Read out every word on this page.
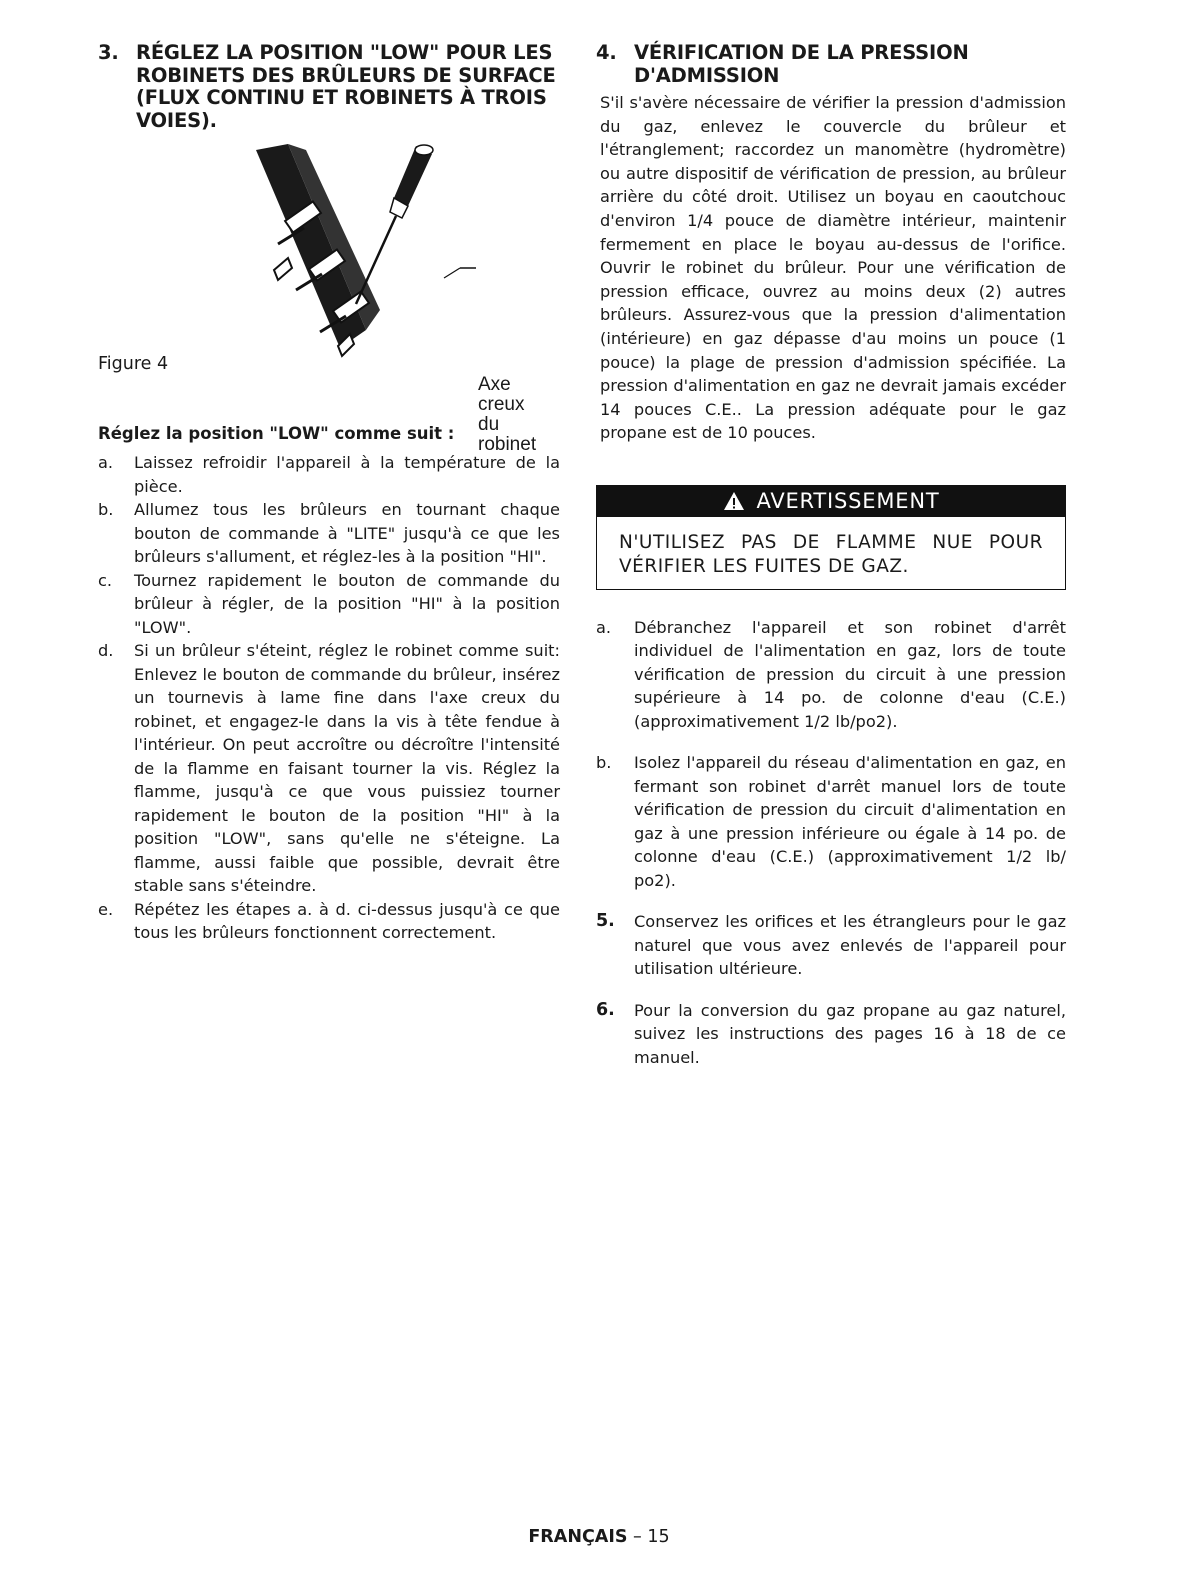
3. RÉGLEZ LA POSITION "LOW" POUR LES ROBINETS DES BRÛLEURS DE SURFACE (FLUX CONTINU ET ROBINETS À TROIS VOIES).
Axe creux
du robinet
Figure 4
Réglez la position "LOW" comme suit :
a.	Laissez refroidir l'appareil à la température de la pièce.
b.	Allumez tous les brûleurs en tournant chaque bouton de commande à "LITE" jusqu'à ce que les brûleurs s'allument, et réglez-les à la position "HI".
c.	Tournez rapidement le bouton de commande du brûleur à régler, de la position "HI" à la position "LOW".
d.	Si un brûleur s'éteint, réglez le robinet comme suit: Enlevez le bouton de commande du brûleur, insérez un tournevis à lame fine dans l'axe creux du robinet, et engagez-le dans la vis à tête fendue à l'intérieur. On peut accroître ou décroître l'intensité de la flamme en faisant tourner la vis. Réglez la flamme, jusqu'à ce que vous puissiez tourner rapidement le bouton de la position "HI" à la position "LOW", sans qu'elle ne s'éteigne. La flamme, aussi faible que possible, devrait être stable sans s'éteindre.
e.	Répétez les étapes a. à d. ci-dessus jusqu'à ce que tous les brûleurs fonctionnent correctement.
4. VÉRIFICATION DE LA PRESSION D'ADMISSION

S'il s'avère nécessaire de vérifier la pression d'admission du gaz, enlevez le couvercle du brûleur et l'étranglement; raccordez un manomètre (hydromètre) ou autre dispositif de vérification de pression, au brûleur arrière du côté droit. Utilisez un boyau en caoutchouc d'environ 1/4 pouce de diamètre intérieur, maintenir fermement en place le boyau au-dessus de l'orifice. Ouvrir le robinet du brûleur. Pour une vérification de pression efficace, ouvrez au moins deux (2) autres brûleurs. Assurez-vous que la pression d'alimentation (intérieure) en gaz dépasse d'au moins un pouce (1 pouce) la plage de pression d'admission spécifiée. La pression d'alimentation en gaz ne devrait jamais excéder 14 pouces C.E.. La pression adéquate pour le gaz propane est de 10 pouces.

AVERTISSEMENT
N'UTILISEZ PAS DE FLAMME NUE POUR VÉRIFIER LES FUITES DE GAZ.
a.	Débranchez l'appareil et son robinet d'arrêt individuel de l'alimentation en gaz, lors de toute vérification de pression du circuit à une pression supérieure à 14 po. de colonne d'eau (C.E.) (approximativement 1/2 lb/po2).
b.	Isolez l'appareil du réseau d'alimentation en gaz, en fermant son robinet d'arrêt manuel lors de toute vérification de pression du circuit d'alimentation en gaz à une pression inférieure ou égale à 14 po. de colonne d'eau (C.E.) (approximativement 1/2 lb/ po2).
5.	Conservez les orifices et les étrangleurs pour le gaz naturel que vous avez enlevés de l'appareil pour utilisation ultérieure.
6.	Pour la conversion du gaz propane au gaz naturel, suivez les instructions des pages 16 à 18 de ce manuel.
FRANÇAIS – 15
